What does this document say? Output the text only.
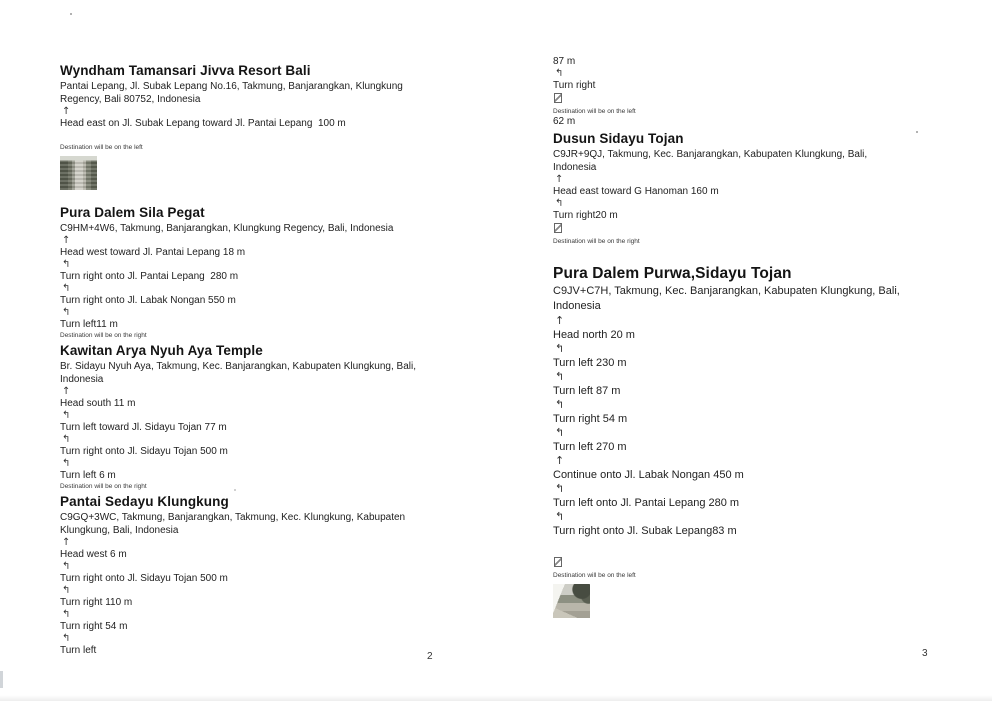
Wyndham Tamansari Jivva Resort Bali
Pantai Lepang, Jl. Subak Lepang No.16, Takmung, Banjarangkan, Klungkung Regency, Bali 80752, Indonesia
↑
Head east on Jl. Subak Lepang toward Jl. Pantai Lepang  100 m
Destination will be on the left
Pura Dalem Sila Pegat
C9HM+4W6, Takmung, Banjarangkan, Klungkung Regency, Bali, Indonesia
↑
Head west toward Jl. Pantai Lepang 18 m
↰
Turn right onto Jl. Pantai Lepang  280 m
↰
Turn right onto Jl. Labak Nongan 550 m
↰
Turn left11 m
Destination will be on the right
Kawitan Arya Nyuh Aya Temple
Br. Sidayu Nyuh Aya, Takmung, Kec. Banjarangkan, Kabupaten Klungkung, Bali, Indonesia
↑
Head south 11 m
↰
Turn left toward Jl. Sidayu Tojan 77 m
↰
Turn right onto Jl. Sidayu Tojan 500 m
↰
Turn left 6 m
Destination will be on the right
Pantai Sedayu Klungkung
C9GQ+3WC, Takmung, Banjarangkan, Takmung, Kec. Klungkung, Kabupaten Klungkung, Bali, Indonesia
↑
Head west 6 m
↰
Turn right onto Jl. Sidayu Tojan 500 m
↰
Turn right 110 m
↰
Turn right 54 m
↰
Turn left
87 m
↰
Turn right
Destination will be on the left
62 m
Dusun Sidayu Tojan
C9JR+9QJ, Takmung, Kec. Banjarangkan, Kabupaten Klungkung, Bali, Indonesia
↑
Head east toward G Hanoman 160 m
↰
Turn right20 m
Destination will be on the right
Pura Dalem Purwa,Sidayu Tojan
C9JV+C7H, Takmung, Kec. Banjarangkan, Kabupaten Klungkung, Bali, Indonesia
↑
Head north 20 m
↰
Turn left 230 m
↰
Turn left 87 m
↰
Turn right 54 m
↰
Turn left 270 m
↑
Continue onto Jl. Labak Nongan 450 m
↰
Turn left onto Jl. Pantai Lepang 280 m
↰
Turn right onto Jl. Subak Lepang83 m
Destination will be on the left
2	3
